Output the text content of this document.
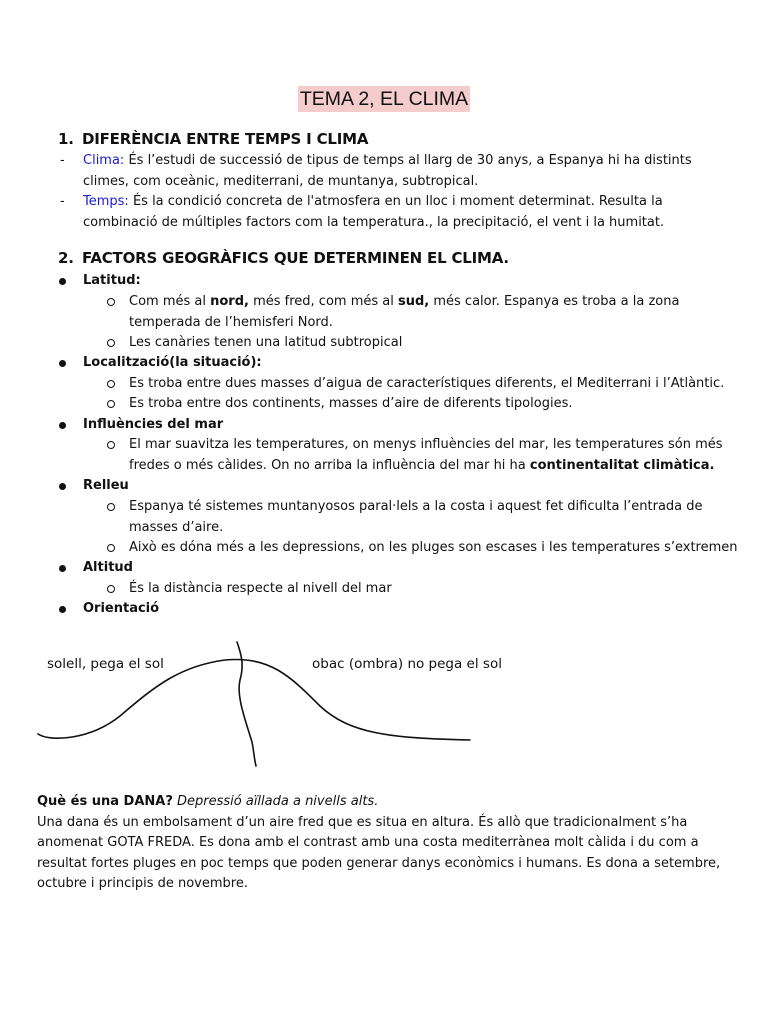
TEMA 2, EL CLIMA
1. DIFERÈNCIA ENTRE TEMPS I CLIMA
- Clima: És l’estudi de successió de tipus de temps al llarg de 30 anys, a Espanya hi ha distints climes, com oceànic, mediterrani, de muntanya, subtropical.
- Temps: És la condició concreta de l'atmosfera en un lloc i moment determinat. Resulta la combinació de múltiples factors com la temperatura., la precipitació, el vent i la humitat.
2. FACTORS GEOGRÀFICS QUE DETERMINEN EL CLIMA.
Latitud:
Com més al nord, més fred, com més al sud, més calor. Espanya es troba a la zona temperada de l’hemisferi Nord.
Les canàries tenen una latitud subtropical
Localització(la situació):
Es troba entre dues masses d’aigua de característiques diferents, el Mediterrani i l’Atlàntic.
Es troba entre dos continents, masses d’aire de diferents tipologies.
Influències del mar
El mar suavitza les temperatures, on menys influències del mar, les temperatures són més fredes o més càlides. On no arriba la influència del mar hi ha continentalitat climàtica.
Relleu
Espanya té sistemes muntanyosos paral·lels a la costa i aquest fet dificulta l’entrada de masses d’aire.
Això es dóna més a les depressions, on les pluges son escases i les temperatures s’extremen
Altitud
És la distància respecte al nivell del mar
Orientació
solell, pega el sol	obac (ombra) no pega el sol
Què és una DANA? Depressió aïllada a nivells alts.
Una dana és un embolsament d’un aire fred que es situa en altura. És allò que tradicionalment s’ha anomenat GOTA FREDA. Es dona amb el contrast amb una costa mediterrànea molt càlida i du com a resultat fortes pluges en poc temps que poden generar danys econòmics i humans. Es dona a setembre, octubre i principis de novembre.
